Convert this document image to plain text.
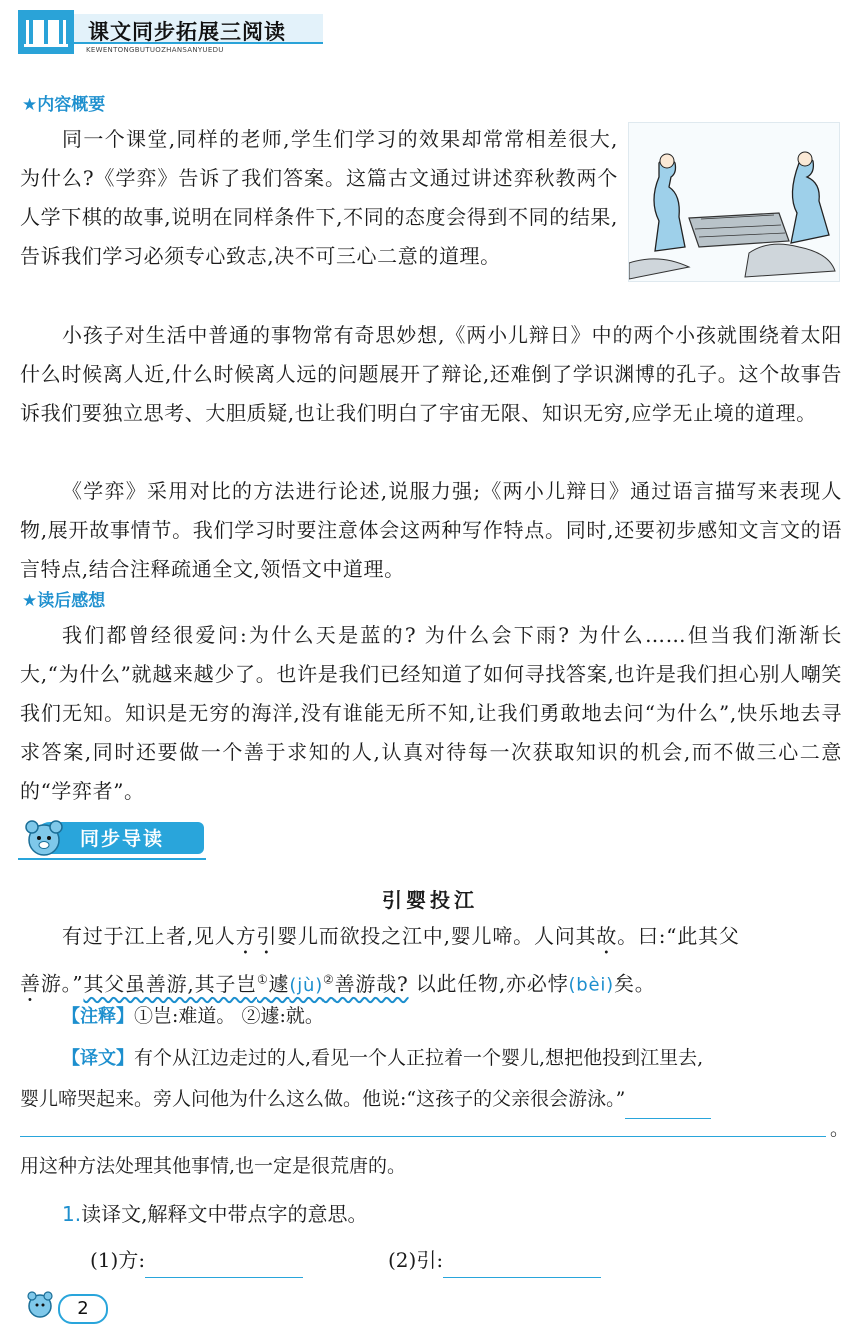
课文同步拓展三阅读
KEWENTONGBUTUOZHANSANYUEDU
★内容概要

同一个课堂,同样的老师,学生们学习的效果却常常相差很大,为什么?《学弈》告诉了我们答案。这篇古文通过讲述弈秋教两个人学下棋的故事,说明在同样条件下,不同的态度会得到不同的结果,告诉我们学习必须专心致志,决不可三心二意的道理。

小孩子对生活中普通的事物常有奇思妙想,《两小儿辩日》中的两个小孩就围绕着太阳什么时候离人近,什么时候离人远的问题展开了辩论,还难倒了学识渊博的孔子。这个故事告诉我们要独立思考、大胆质疑,也让我们明白了宇宙无限、知识无穷,应学无止境的道理。

《学弈》采用对比的方法进行论述,说服力强;《两小儿辩日》通过语言描写来表现人物,展开故事情节。我们学习时要注意体会这两种写作特点。同时,还要初步感知文言文的语言特点,结合注释疏通全文,领悟文中道理。

★读后感想

我们都曾经很爱问:为什么天是蓝的? 为什么会下雨? 为什么……但当我们渐渐长大,“为什么”就越来越少了。也许是我们已经知道了如何寻找答案,也许是我们担心别人嘲笑我们无知。知识是无穷的海洋,没有谁能无所不知,让我们勇敢地去问“为什么”,快乐地去寻求答案,同时还要做一个善于求知的人,认真对待每一次获取知识的机会,而不做三心二意的“学弈者”。

同步导读
引婴投江

有过于江上者,见人方引婴儿而欲投之江中,婴儿啼。人问其故。曰:“此其父
善游。”其父虽善游,其子岂①遽(jù)②善游哉? 以此任物,亦必悖(bèi)矣。

【注释】①岂:难道。 ②遽:就。
【译文】有个从江边走过的人,看见一个人正拉着一个婴儿,想把他投到江里去,
婴儿啼哭起来。旁人问他为什么这么做。他说:“这孩子的父亲很会游泳。”
。
用这种方法处理其他事情,也一定是很荒唐的。
1.读译文,解释文中带点字的意思。
(1)方:	(2)引:
2
